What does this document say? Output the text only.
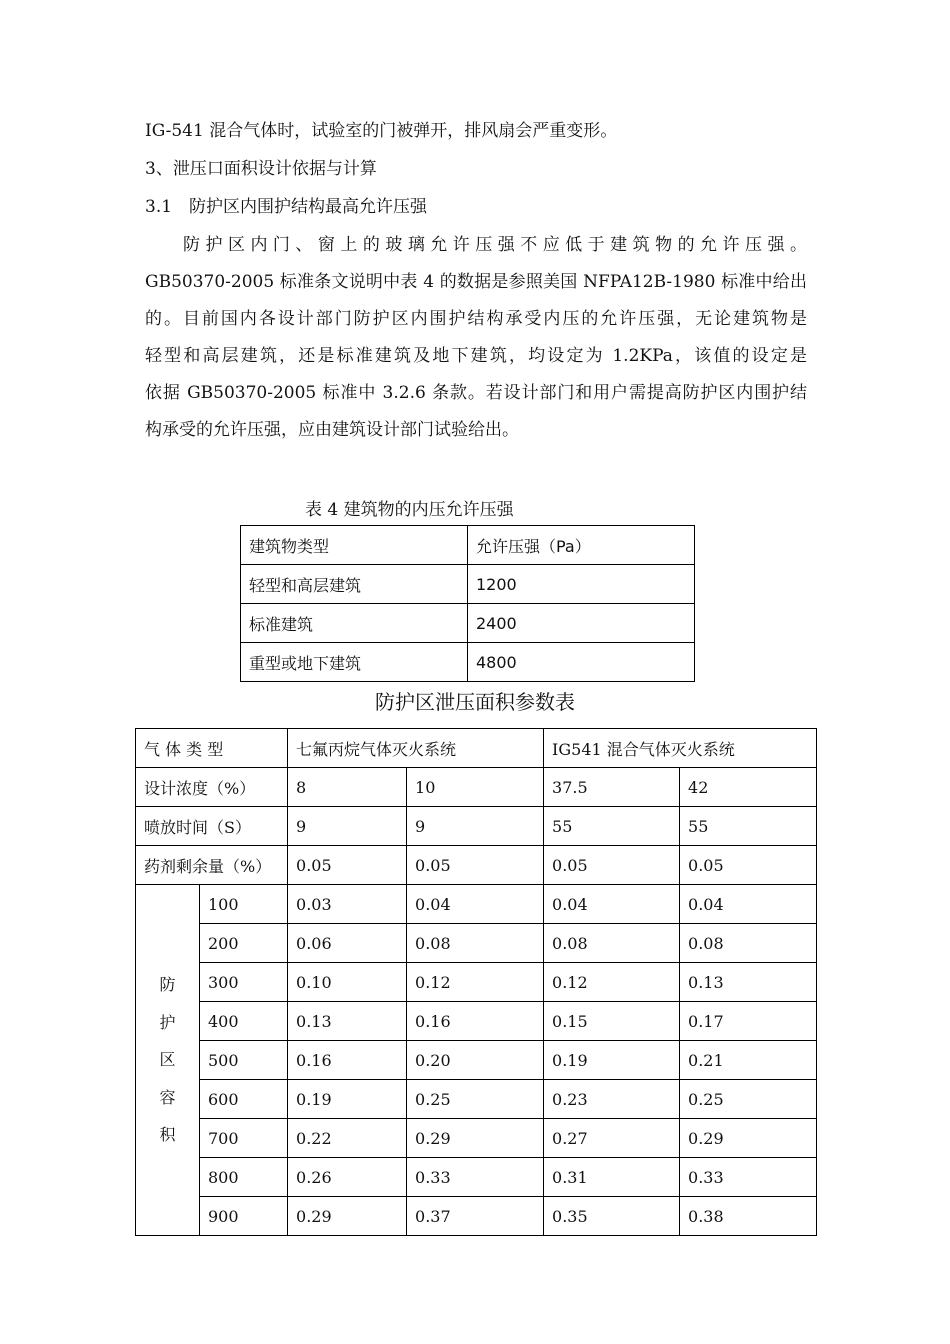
IG-541 混合气体时，试验室的门被弹开，排风扇会严重变形。
3、泄压口面积设计依据与计算
3.1　防护区内围护结构最高允许压强
防护区内门、窗上的玻璃允许压强不应低于建筑物的允许压强。
GB50370-2005 标准条文说明中表 4 的数据是参照美国 NFPA12B-1980 标准中给出
的。目前国内各设计部门防护区内围护结构承受内压的允许压强，无论建筑物是
轻型和高层建筑，还是标准建筑及地下建筑，均设定为 1.2KPa，该值的设定是
依据 GB50370-2005 标准中 3.2.6 条款。若设计部门和用户需提高防护区内围护结
构承受的允许压强，应由建筑设计部门试验给出。
表 4 建筑物的内压允许压强
建筑物类型	允许压强（Pa）
轻型和高层建筑	1200
标准建筑	2400
重型或地下建筑	4800
防护区泄压面积参数表
气 体 类 型		七氟丙烷气体灭火系统		IG541 混合气体灭火系统	
设计浓度（%）		8	10	37.5	42
喷放时间（S）		9	9	55	55
药剂剩余量（%）		0.05	0.05	0.05	0.05

防
护
区
容
积	100	0.03	0.04	0.04	0.04
	200	0.06	0.08	0.08	0.08
	300	0.10	0.12	0.12	0.13
	400	0.13	0.16	0.15	0.17
	500	0.16	0.20	0.19	0.21
	600	0.19	0.25	0.23	0.25
	700	0.22	0.29	0.27	0.29
	800	0.26	0.33	0.31	0.33
	900	0.29	0.37	0.35	0.38
